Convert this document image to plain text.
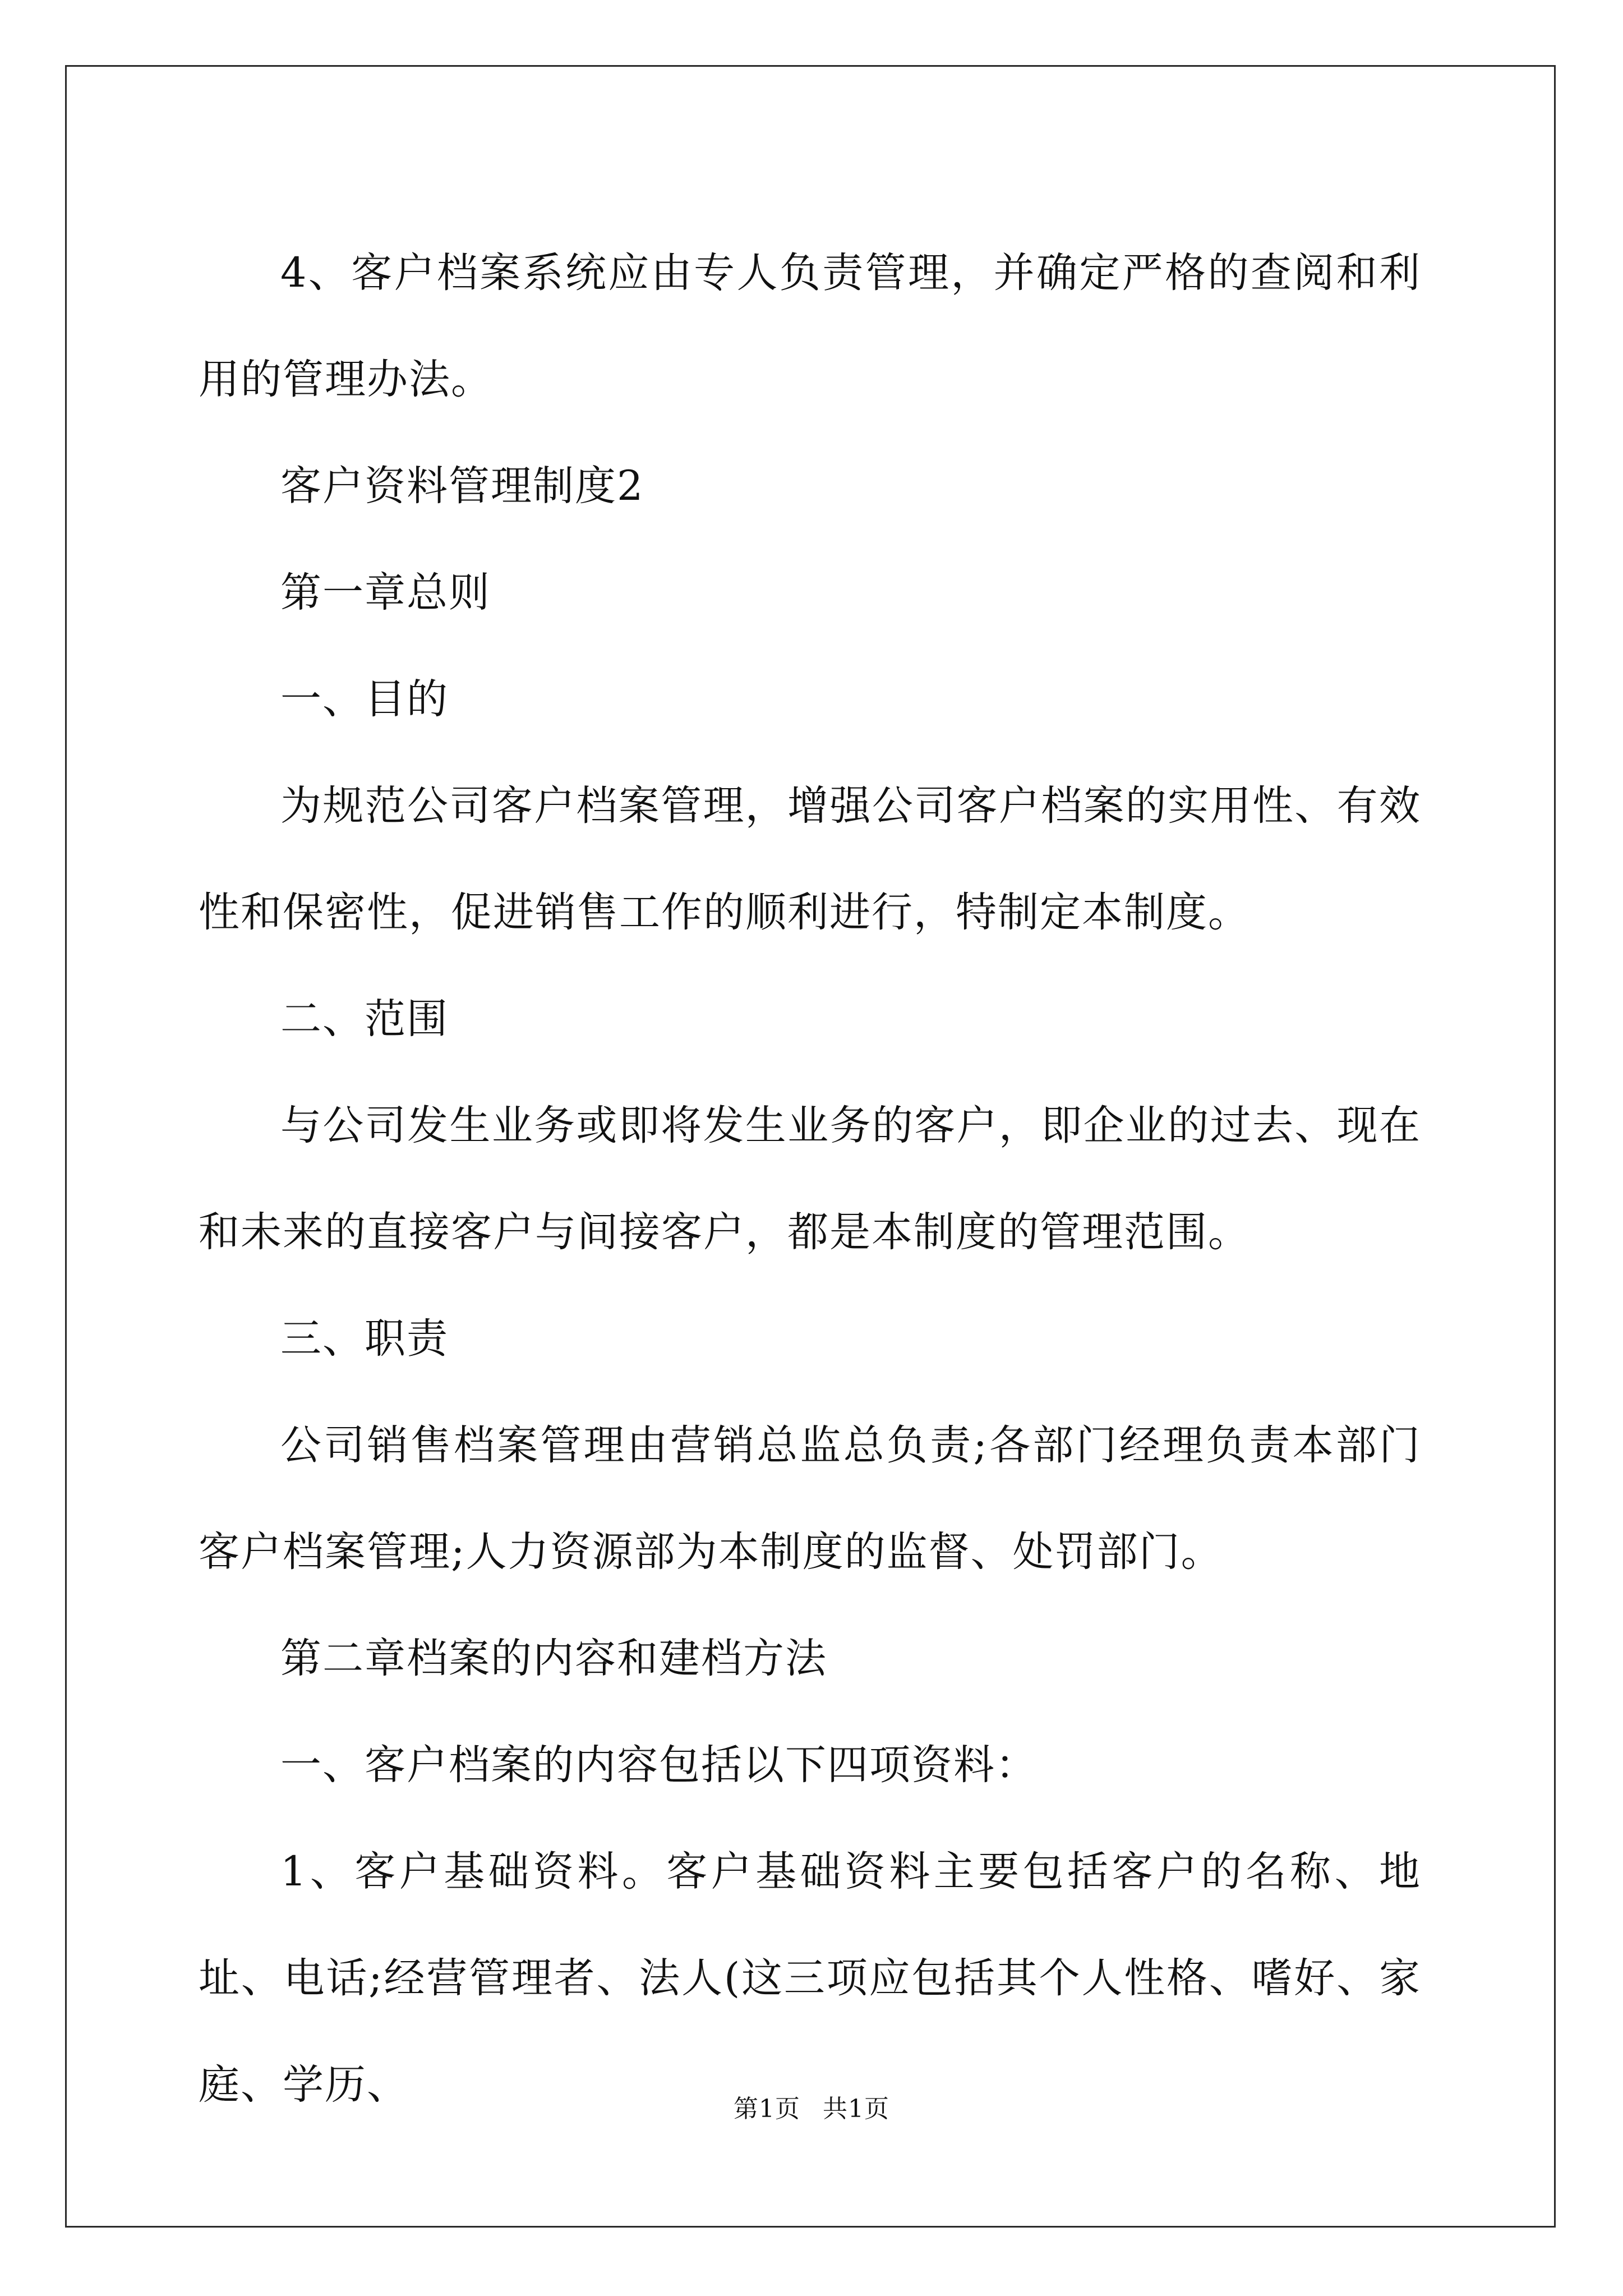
4、客户档案系统应由专人负责管理，并确定严格的查阅和利用的管理办法。

客户资料管理制度2

第一章总则

一、目的

为规范公司客户档案管理，增强公司客户档案的实用性、有效性和保密性，促进销售工作的顺利进行，特制定本制度。

二、范围

与公司发生业务或即将发生业务的客户，即企业的过去、现在和未来的直接客户与间接客户，都是本制度的管理范围。

三、职责

公司销售档案管理由营销总监总负责;各部门经理负责本部门客户档案管理;人力资源部为本制度的监督、处罚部门。

第二章档案的内容和建档方法

一、客户档案的内容包括以下四项资料：

1、客户基础资料。客户基础资料主要包括客户的名称、地址、电话;经营管理者、法人(这三项应包括其个人性格、嗜好、家庭、学历、

第1页 共1页
